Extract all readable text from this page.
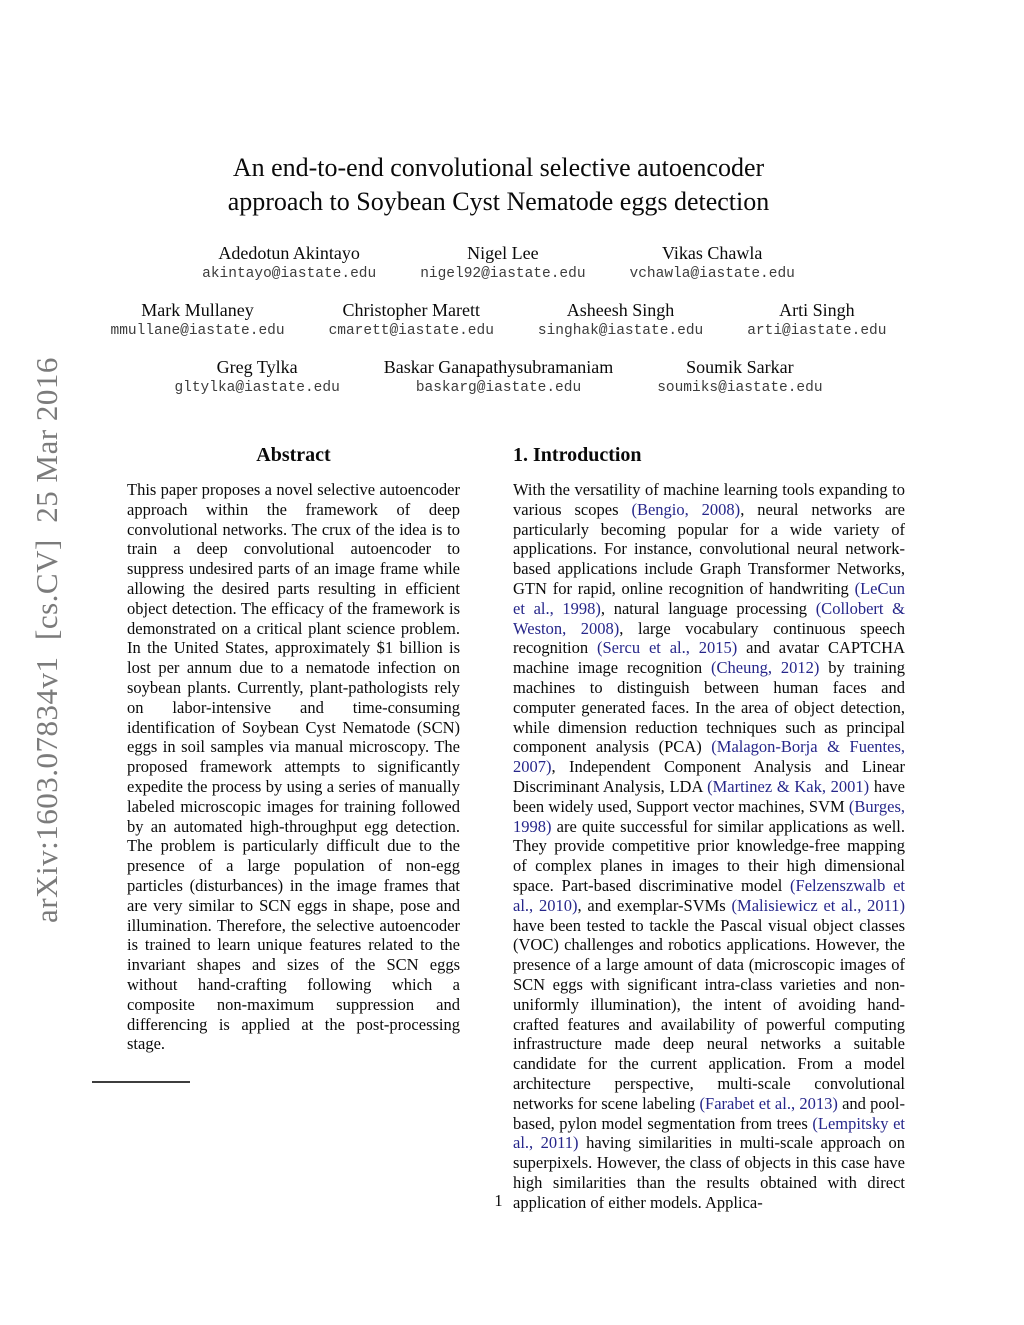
arXiv:1603.07834v1  [cs.CV]  25 Mar 2016
An end-to-end convolutional selective autoencoder
approach to Soybean Cyst Nematode eggs detection
Adedotun Akintayo
akintayo@iastate.edu
Nigel Lee
nigel92@iastate.edu
Vikas Chawla
vchawla@iastate.edu
Mark Mullaney
mmullane@iastate.edu
Christopher Marett
cmarett@iastate.edu
Asheesh Singh
singhak@iastate.edu
Arti Singh
arti@iastate.edu
Greg Tylka
gltylka@iastate.edu
Baskar Ganapathysubramaniam
baskarg@iastate.edu
Soumik Sarkar
soumiks@iastate.edu
Abstract

This paper proposes a novel selective autoencoder approach within the framework of deep convolutional networks. The crux of the idea is to train a deep convolutional autoencoder to suppress undesired parts of an image frame while allowing the desired parts resulting in efficient object detection. The efficacy of the framework is demonstrated on a critical plant science problem. In the United States, approximately $1 billion is lost per annum due to a nematode infection on soybean plants. Currently, plant-pathologists rely on labor-intensive and time-consuming identification of Soybean Cyst Nematode (SCN) eggs in soil samples via manual microscopy. The proposed framework attempts to significantly expedite the process by using a series of manually labeled microscopic images for training followed by an automated high-throughput egg detection. The problem is particularly difficult due to the presence of a large population of non-egg particles (disturbances) in the image frames that are very similar to SCN eggs in shape, pose and illumination. Therefore, the selective autoencoder is trained to learn unique features related to the invariant shapes and sizes of the SCN eggs without hand-crafting following which a composite non-maximum suppression and differencing is applied at the post-processing stage.

1. Introduction

With the versatility of machine learning tools expanding to various scopes (Bengio, 2008), neural networks are particularly becoming popular for a wide variety of applications. For instance, convolutional neural network-based applications include Graph Transformer Networks, GTN for rapid, online recognition of handwriting (LeCun et al., 1998), natural language processing (Collobert & Weston, 2008), large vocabulary continuous speech recognition (Sercu et al., 2015) and avatar CAPTCHA machine image recognition (Cheung, 2012) by training machines to distinguish between human faces and computer generated faces. In the area of object detection, while dimension reduction techniques such as principal component analysis (PCA) (Malagon-Borja & Fuentes, 2007), Independent Component Analysis and Linear Discriminant Analysis, LDA (Martinez & Kak, 2001) have been widely used, Support vector machines, SVM (Burges, 1998) are quite successful for similar applications as well. They provide competitive prior knowledge-free mapping of complex planes in images to their high dimensional space. Part-based discriminative model (Felzenszwalb et al., 2010), and exemplar-SVMs (Malisiewicz et al., 2011) have been tested to tackle the Pascal visual object classes (VOC) challenges and robotics applications. However, the presence of a large amount of data (microscopic images of SCN eggs with significant intra-class varieties and non-uniformly illumination), the intent of avoiding hand-crafted features and availability of powerful computing infrastructure made deep neural networks a suitable candidate for the current application. From a model architecture perspective, multi-scale convolutional networks for scene labeling (Farabet et al., 2013) and pool-based, pylon model segmentation from trees (Lempitsky et al., 2011) having similarities in multi-scale approach on superpixels. However, the class of objects in this case have high similarities than the results obtained with direct application of either models. Applica-

1
